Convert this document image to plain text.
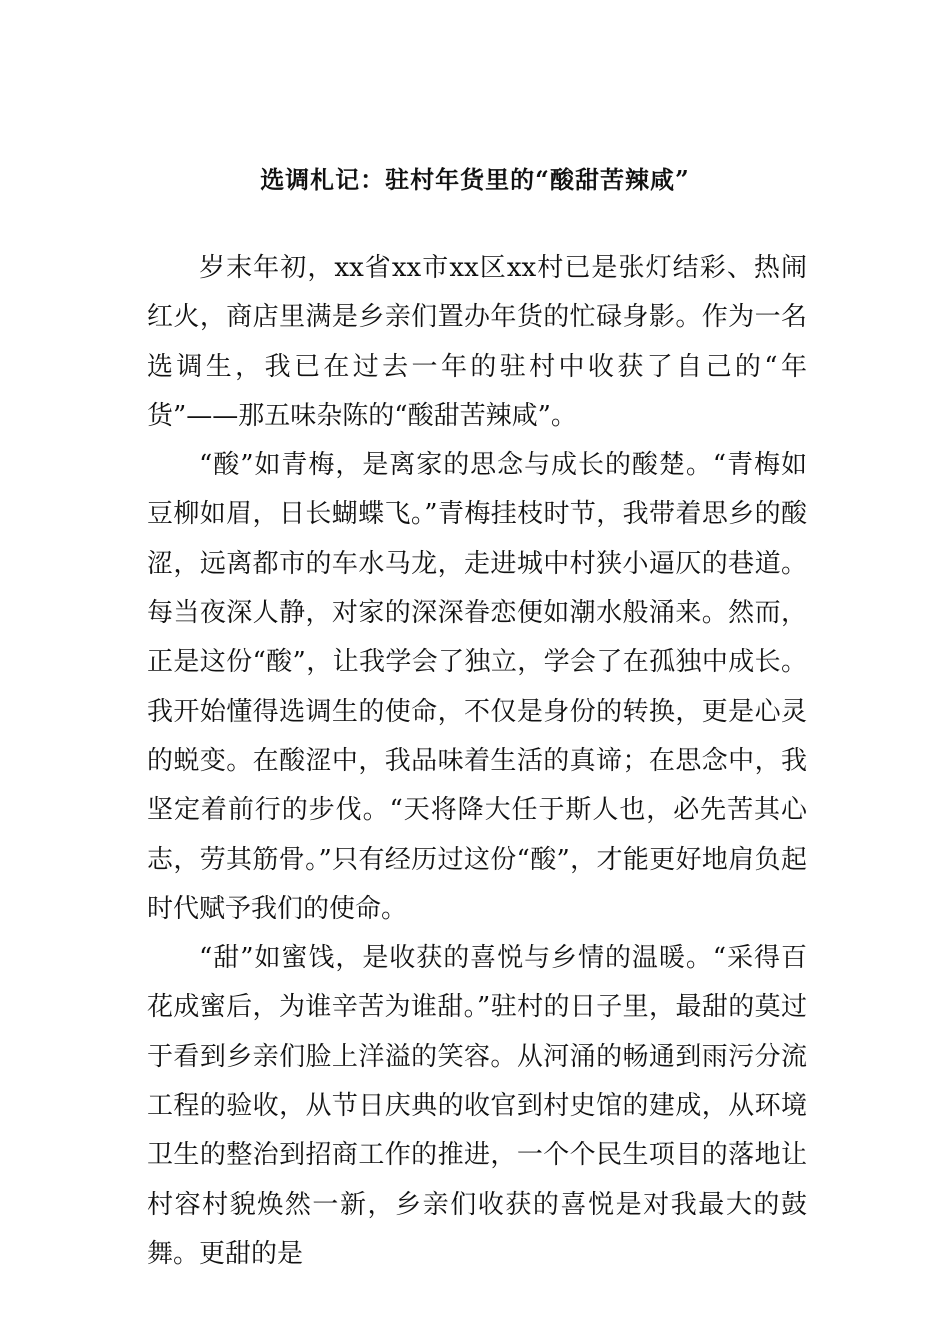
选调札记：驻村年货里的“酸甜苦辣咸”

岁末年初，xx省xx市xx区xx村已是张灯结彩、热闹红火，商店里满是乡亲们置办年货的忙碌身影。作为一名选调生，我已在过去一年的驻村中收获了自己的“年货”——那五味杂陈的“酸甜苦辣咸”。

“酸”如青梅，是离家的思念与成长的酸楚。“青梅如豆柳如眉，日长蝴蝶飞。”青梅挂枝时节，我带着思乡的酸涩，远离都市的车水马龙，走进城中村狭小逼仄的巷道。每当夜深人静，对家的深深眷恋便如潮水般涌来。然而，正是这份“酸”，让我学会了独立，学会了在孤独中成长。我开始懂得选调生的使命，不仅是身份的转换，更是心灵的蜕变。在酸涩中，我品味着生活的真谛；在思念中，我坚定着前行的步伐。“天将降大任于斯人也，必先苦其心志，劳其筋骨。”只有经历过这份“酸”，才能更好地肩负起时代赋予我们的使命。

“甜”如蜜饯，是收获的喜悦与乡情的温暖。“采得百花成蜜后，为谁辛苦为谁甜。”驻村的日子里，最甜的莫过于看到乡亲们脸上洋溢的笑容。从河涌的畅通到雨污分流工程的验收，从节日庆典的收官到村史馆的建成，从环境卫生的整治到招商工作的推进，一个个民生项目的落地让村容村貌焕然一新，乡亲们收获的喜悦是对我最大的鼓舞。更甜的是
